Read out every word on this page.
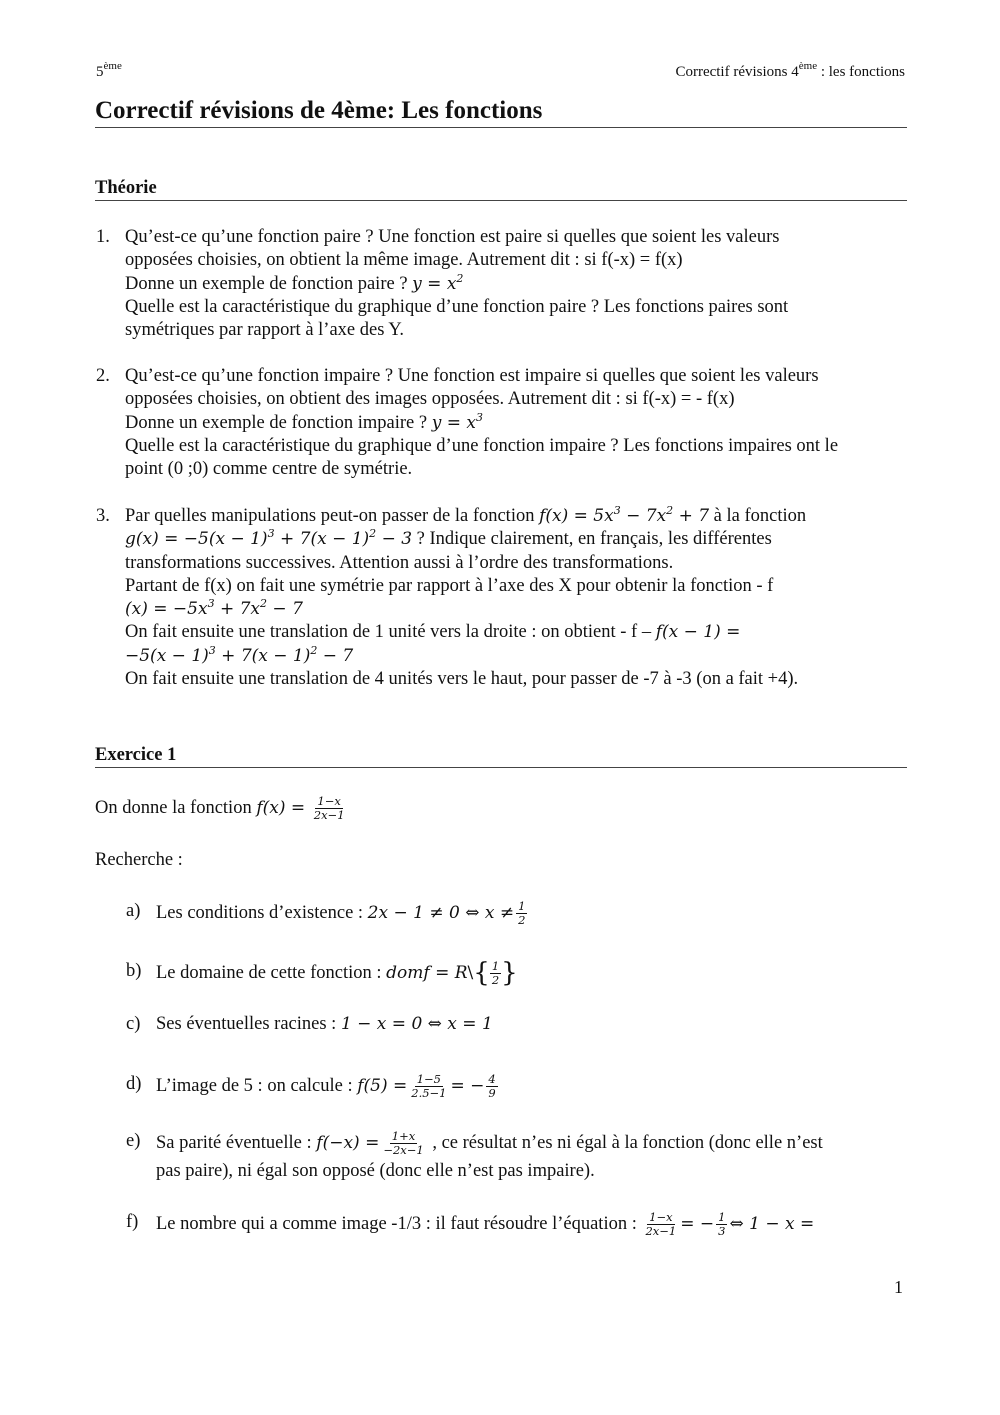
5ème	Correctif révisions 4ème : les fonctions
Correctif révisions de 4ème: Les fonctions
Théorie
1. Qu’est-ce qu’une fonction paire ? Une fonction est paire si quelles que soient les valeurs
opposées choisies, on obtient la même image. Autrement dit : si f(-x) = f(x)
Donne un exemple de fonction paire ? $y = x^2$
Quelle est la caractéristique du graphique d’une fonction paire ? Les fonctions paires sont
symétriques par rapport à l’axe des Y.
2. Qu’est-ce qu’une fonction impaire ? Une fonction est impaire si quelles que soient les valeurs
opposées choisies, on obtient des images opposées. Autrement dit : si f(-x) = - f(x)
Donne un exemple de fonction impaire ? $y = x^3$
Quelle est la caractéristique du graphique d’une fonction impaire ? Les fonctions impaires ont le
point (0 ;0) comme centre de symétrie.
3. Par quelles manipulations peut-on passer de la fonction $f(x) = 5x^3 - 7x^2 + 7$ à la fonction
$g(x) = -5(x - 1)^3 + 7(x - 1)^2 - 3$ ? Indique clairement, en français, les différentes
transformations successives. Attention aussi à l’ordre des transformations.
Partant de f(x) on fait une symétrie par rapport à l’axe des X pour obtenir la fonction - f
$(x) = -5x^3 + 7x^2 - 7$
On fait ensuite une translation de 1 unité vers la droite : on obtient - f – f(x − 1) =
$-5(x - 1)^3 + 7(x - 1)^2 - 7$
On fait ensuite une translation de 4 unités vers le haut, pour passer de -7 à -3 (on a fait +4).
Exercice 1
On donne la fonction $f(x) = \frac{1-x}{2x-1}$
Recherche :
a) Les conditions d’existence : 2x − 1 ≠ 0 ⇔ $x \ne \frac{1}{2}$
b) Le domaine de cette fonction : domf = R\{ $\frac{1}{2}$ }
c) Ses éventuelles racines : 1 − x = 0 ⇔ x = 1
d) L’image de 5 : on calcule : $f(5) = \frac{1-5}{2.5-1}$ = − $\frac{4}{9}$
e) Sa parité éventuelle : $f(-x) = \frac{1+x}{-2x-1}$ , ce résultat n’es ni égal à la fonction (donc elle n’est
pas paire), ni égal son opposé (donc elle n’est pas impaire).
f) Le nombre qui a comme image -1/3 : il faut résoudre l’équation : $\frac{1-x}{2x-1}$ = − $\frac{1}{3}$ ⇔ 1 − x =
1
